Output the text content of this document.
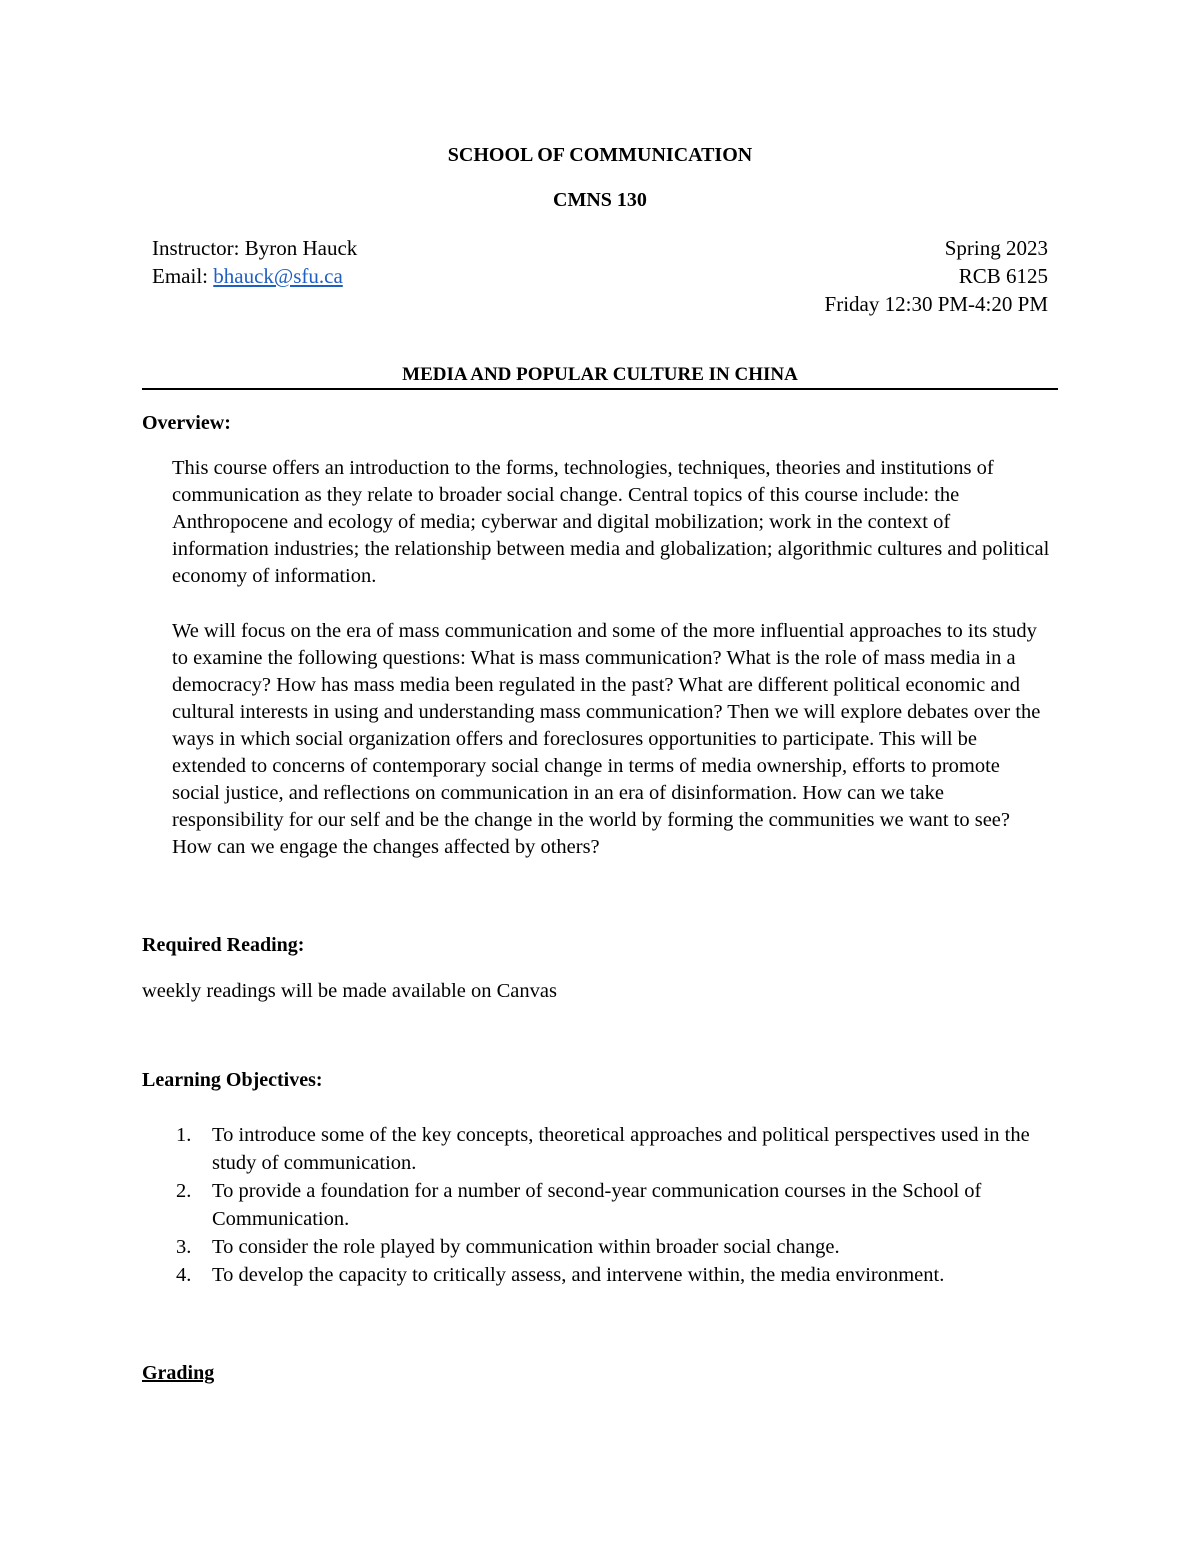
SCHOOL OF COMMUNICATION
CMNS 130
Instructor: Byron Hauck
Email: bhauck@sfu.ca
Spring 2023
RCB 6125
Friday 12:30 PM-4:20 PM
MEDIA AND POPULAR CULTURE IN CHINA
Overview:

This course offers an introduction to the forms, technologies, techniques, theories and institutions of communication as they relate to broader social change. Central topics of this course include: the Anthropocene and ecology of media; cyberwar and digital mobilization; work in the context of information industries; the relationship between media and globalization; algorithmic cultures and political economy of information.

We will focus on the era of mass communication and some of the more influential approaches to its study to examine the following questions: What is mass communication? What is the role of mass media in a democracy? How has mass media been regulated in the past? What are different political economic and cultural interests in using and understanding mass communication? Then we will explore debates over the ways in which social organization offers and foreclosures opportunities to participate. This will be extended to concerns of contemporary social change in terms of media ownership, efforts to promote social justice, and reflections on communication in an era of disinformation. How can we take responsibility for our self and be the change in the world by forming the communities we want to see? How can we engage the changes affected by others?

Required Reading:

weekly readings will be made available on Canvas

Learning Objectives:
1. To introduce some of the key concepts, theoretical approaches and political perspectives used in the study of communication.
2. To provide a foundation for a number of second-year communication courses in the School of Communication.
3. To consider the role played by communication within broader social change.
4. To develop the capacity to critically assess, and intervene within, the media environment.
Grading
